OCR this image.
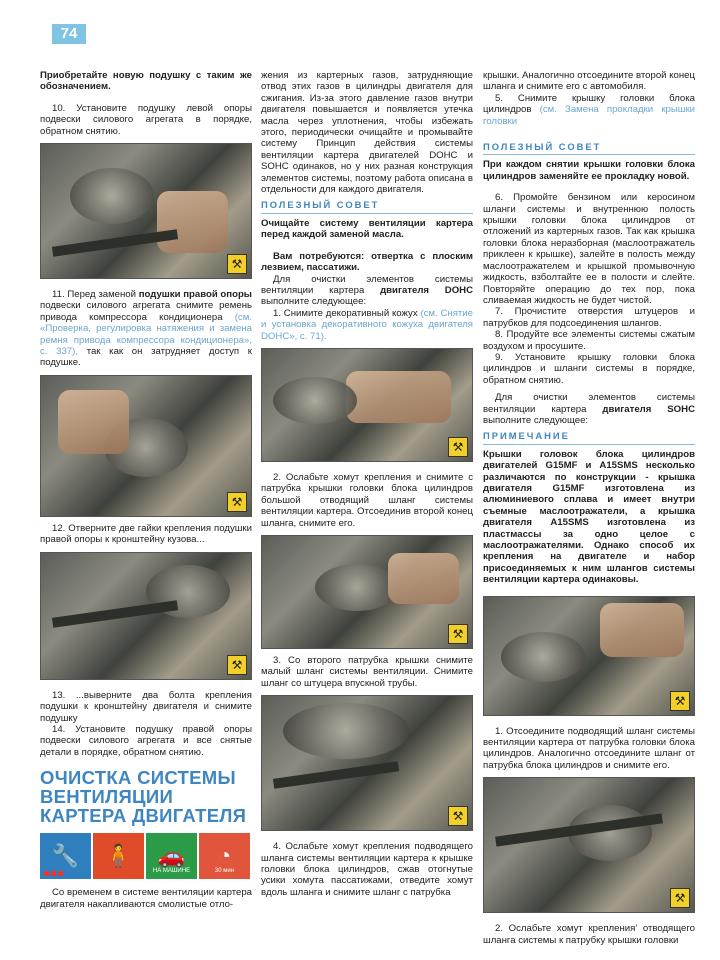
74

Приобретайте новую подушку с таким же обозначением.

10. Установите подушку левой опоры подвески силового агрегата в порядке, обратном снятию.

⚒

11. Перед заменой подушки правой опоры подвески силового агрегата снимите ремень привода компрессора кондиционера (см. «Проверка, регулировка натяжения и замена ремня привода компрессора кондиционера», с. 337), так как он затрудняет доступ к подушке.

⚒

12. Отверните две гайки крепления подушки правой опоры к кронштейну кузова...

⚒

13. ...выверните два болта крепления подушки к кронштейну двигателя и снимите подушку

14. Установите подушку правой опоры подвески силового агрегата и все снятые детали в порядке, обратном снятию.

ОЧИСТКА СИСТЕМЫ ВЕНТИЛЯЦИИ КАРТЕРА ДВИГАТЕЛЯ
🔧	🧍	🚗
НА МАШИНЕ
◔
30 мин

Со временем в системе вентиляции картера двигателя накапливаются смолистые отло-

жения из картерных газов, затрудняющие отвод этих газов в цилиндры двигателя для сжигания. Из-за этого давление газов внутри двигателя повышается и появляется утечка масла через уплотнения, чтобы избежать этого, периодически очищайте и промывайте систему Принцип действия системы вентиляции картера двигателей DOHC и SOHC одинаков, но у них разная конструкция элементов системы, поэтому работа описана в отдельности для каждого двигателя.

ПОЛЕЗНЫЙ СОВЕТ

Очищайте систему вентиляции картера перед каждой заменой масла.

Вам потребуются: отвертка с плоским лезвием, пассатижи.

Для очистки элементов системы вентиляции картера двигателя DOHC выполните следующее:

1. Снимите декоративный кожух (см. Снятие и установка декоративного кожуха двигателя DOHC», с. 71).

⚒

2. Ослабьте хомут крепления и снимите с патрубка крышки головки блока цилиндров большой отводящий шланг системы вентиляции картера. Отсоединив второй конец шланга, снимите его.

⚒

3. Со второго патрубка крышки снимите малый шланг системы вентиляции. Снимите шланг со штуцера впускной трубы.

⚒

4. Ослабьте хомут крепления подводящего шланга системы вентиляции картера к крышке головки блока цилиндров, сжав отогнутые усики хомута пассатижами, отведите хомут вдоль шланга и снимите шланг с патрубка

крышки. Аналогично отсоедините второй конец шланга и снимите его с автомобиля.

5. Снимите крышку головки блока цилиндров (см. Замена прокладки крышки головки

ПОЛЕЗНЫЙ СОВЕТ

При каждом снятии крышки головки блока цилиндров заменяйте ее прокладку новой.

6. Промойте бензином или керосином шланги системы и внутреннюю полость крышки головки блока цилиндров от отложений из картерных газов. Так как крышка головки блока неразборная (маслоотражатель приклеен к крышке), залейте в полость между маслоотражателем и крышкой промывочную жидкость, взболтайте ее в полости и слейте. Повторяйте операцию до тех пор, пока сливаемая жидкость не будет чистой.

7. Прочистите отверстия штуцеров и патрубков для подсоединения шлангов.

8. Продуйте все элементы системы сжатым воздухом и просушите.

9. Установите крышку головки блока цилиндров и шланги системы в порядке, обратном снятию.

Для очистки элементов системы вентиляции картера двигателя SOHC выполните следующее:

ПРИМЕЧАНИЕ

Крышки головок блока цилиндров двигателей G15MF и A15SMS несколько различаются по конструкции - крышка двигателя G15MF изготовлена из алюминиевого сплава и имеет внутри съемные маслоотражатели, а крышка двигателя A15SMS изготовлена из пластмассы за одно целое с маслоотражателями. Однако способ их крепления на двигателе и набор присоединяемых к ним шлангов системы вентиляции картера одинаковы.

⚒

1. Отсоедините подводящий шланг системы вентиляции картера от патрубка головки блока цилиндров. Аналогично отсоедините шланг от патрубка блока цилиндров и снимите его.

⚒

2. Ослабьте хомут крепления' отводящего шланга системы к патрубку крышки головки
